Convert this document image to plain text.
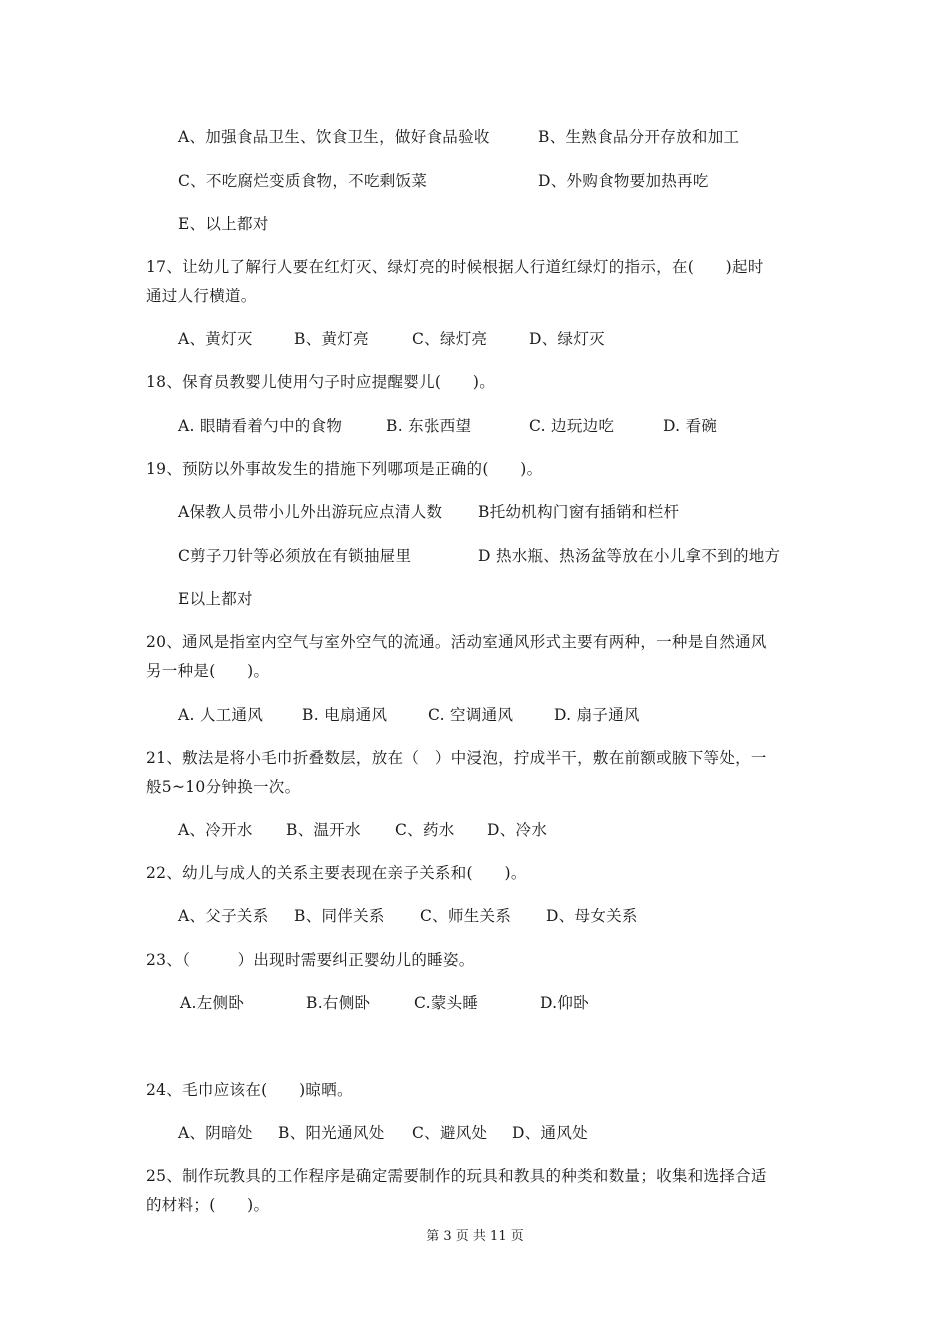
A、加强食品卫生、饮食卫生，做好食品验收	B、生熟食品分开存放和加工
C、不吃腐烂变质食物，不吃剩饭菜	D、外购食物要加热再吃
E、以上都对
17、让幼儿了解行人要在红灯灭、绿灯亮的时候根据人行道红绿灯的指示，在(　　)起时
通过人行横道。
A、黄灯灭	B、黄灯亮	C、绿灯亮	D、绿灯灭
18、保育员教婴儿使用勺子时应提醒婴儿(　　)。
A. 眼睛看着勺中的食物	B. 东张西望	C. 边玩边吃	D. 看碗
19、预防以外事故发生的措施下列哪项是正确的(　　)。
A保教人员带小儿外出游玩应点清人数 B托幼机构门窗有插销和栏杆
C剪子刀针等必须放在有锁抽屉里	D 热水瓶、热汤盆等放在小儿拿不到的地方
E以上都对
20、通风是指室内空气与室外空气的流通。活动室通风形式主要有两种，一种是自然通风
另一种是(　　)。
A. 人工通风	B. 电扇通风	C. 空调通风	D. 扇子通风
21、敷法是将小毛巾折叠数层，放在（　）中浸泡，拧成半干，敷在前额或腋下等处，一
般5~10分钟换一次。
A、冷开水 B、温开水 C、药水 D、冷水
22、幼儿与成人的关系主要表现在亲子关系和(　　)。
A、父子关系 B、同伴关系 C、师生关系 D、母女关系
23、（　　　）出现时需要纠正婴幼儿的睡姿。
A.左侧卧	B.右侧卧	C.蒙头睡	D.仰卧
24、毛巾应该在(　　)晾晒。
A、阴暗处 B、阳光通风处 C、避风处 D、通风处
25、制作玩教具的工作程序是确定需要制作的玩具和教具的种类和数量；收集和选择合适
的材料；(　　)。
第 3 页 共 11 页
